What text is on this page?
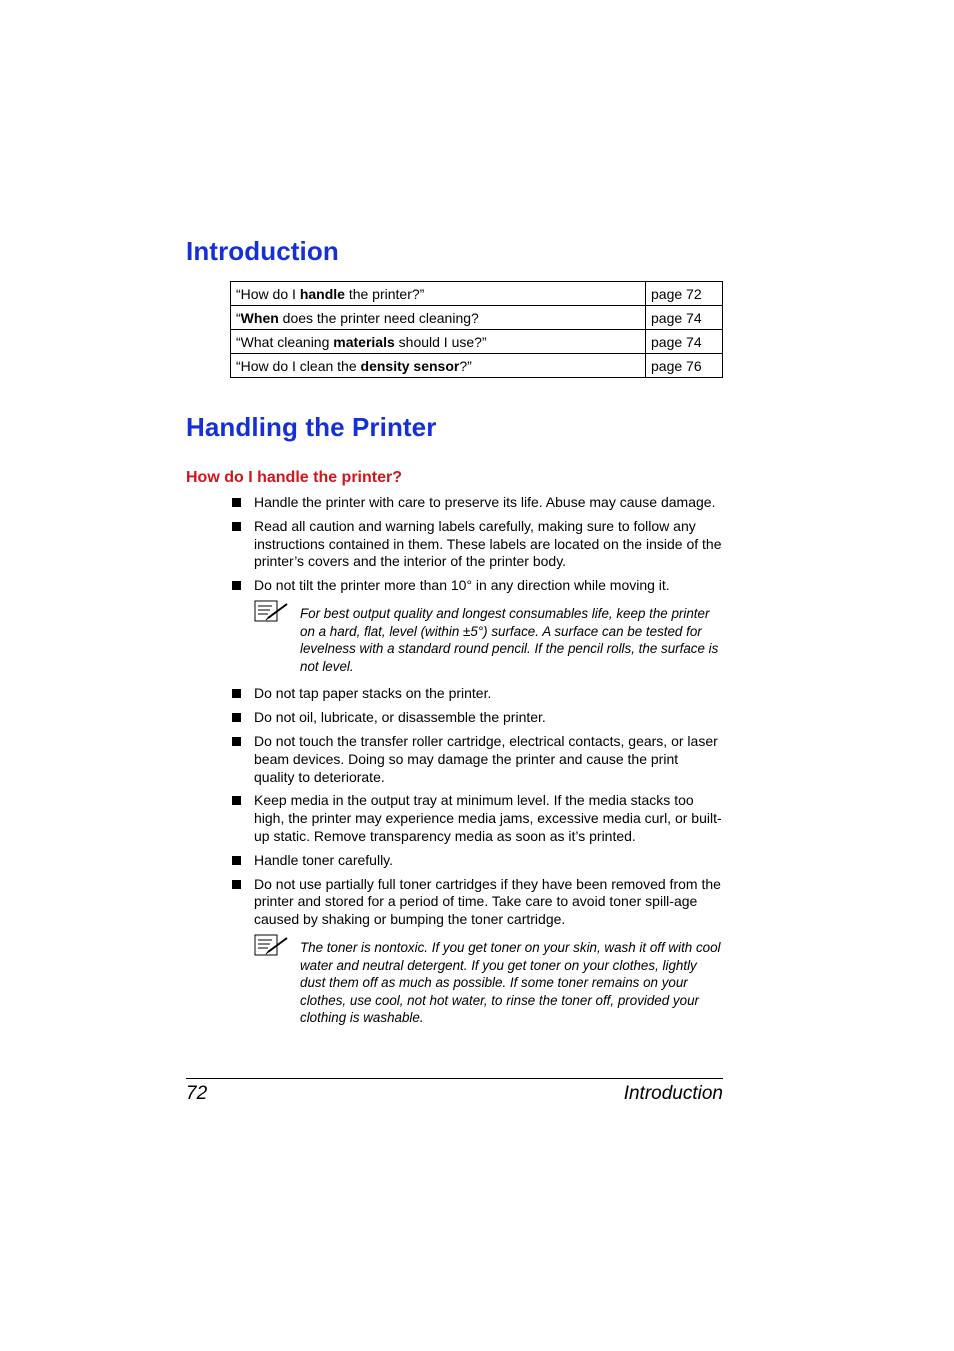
Introduction
“How do I handle the printer?”	page 72
“When does the printer need cleaning?	page 74
“What cleaning materials should I use?”	page 74
“How do I clean the density sensor?”	page 76
Handling the Printer
How do I handle the printer?
Handle the printer with care to preserve its life. Abuse may cause damage.
Read all caution and warning labels carefully, making sure to follow any instructions contained in them. These labels are located on the inside of the printer’s covers and the interior of the printer body.
Do not tilt the printer more than 10° in any direction while moving it.
For best output quality and longest consumables life, keep the printer on a hard, flat, level (within ±5°) surface. A surface can be tested for levelness with a standard round pencil. If the pencil rolls, the surface is not level.
Do not tap paper stacks on the printer.
Do not oil, lubricate, or disassemble the printer.
Do not touch the transfer roller cartridge, electrical contacts, gears, or laser beam devices. Doing so may damage the printer and cause the print quality to deteriorate.
Keep media in the output tray at minimum level. If the media stacks too high, the printer may experience media jams, excessive media curl, or built-up static. Remove transparency media as soon as it’s printed.
Handle toner carefully.
Do not use partially full toner cartridges if they have been removed from the printer and stored for a period of time. Take care to avoid toner spill-age caused by shaking or bumping the toner cartridge.
The toner is nontoxic. If you get toner on your skin, wash it off with cool water and neutral detergent. If you get toner on your clothes, lightly dust them off as much as possible. If some toner remains on your clothes, use cool, not hot water, to rinse the toner off, provided your clothing is washable.
72	Introduction
